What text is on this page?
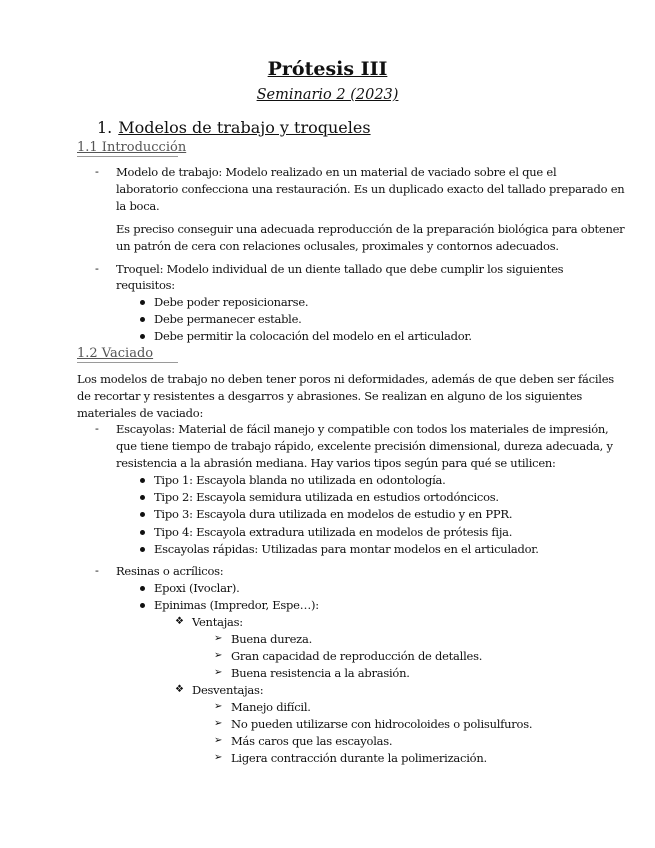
Prótesis III
Seminario 2 (2023)
1. Modelos de trabajo y troqueles
1.1 Introducción
- Modelo de trabajo: Modelo realizado en un material de vaciado sobre el que el
laboratorio confecciona una restauración. Es un duplicado exacto del tallado preparado en
la boca.
Es preciso conseguir una adecuada reproducción de la preparación biológica para obtener
un patrón de cera con relaciones oclusales, proximales y contornos adecuados.
- Troquel: Modelo individual de un diente tallado que debe cumplir los siguientes
requisitos:
Debe poder reposicionarse.
Debe permanecer estable.
Debe permitir la colocación del modelo en el articulador.
1.2 Vaciado
Los modelos de trabajo no deben tener poros ni deformidades, además de que deben ser fáciles
de recortar y resistentes a desgarros y abrasiones. Se realizan en alguno de los siguientes
materiales de vaciado:
- Escayolas: Material de fácil manejo y compatible con todos los materiales de impresión,
que tiene tiempo de trabajo rápido, excelente precisión dimensional, dureza adecuada, y
resistencia a la abrasión mediana. Hay varios tipos según para qué se utilicen:
Tipo 1: Escayola blanda no utilizada en odontología.
Tipo 2: Escayola semidura utilizada en estudios ortodóncicos.
Tipo 3: Escayola dura utilizada en modelos de estudio y en PPR.
Tipo 4: Escayola extradura utilizada en modelos de prótesis fija.
Escayolas rápidas: Utilizadas para montar modelos en el articulador.
- Resinas o acrílicos:
Epoxi (Ivoclar).
Epinimas (Impredor, Espe…):
❖ Ventajas:
➢ Buena dureza.
➢ Gran capacidad de reproducción de detalles.
➢ Buena resistencia a la abrasión.
❖ Desventajas:
➢ Manejo difícil.
➢ No pueden utilizarse con hidrocoloides o polisulfuros.
➢ Más caros que las escayolas.
➢ Ligera contracción durante la polimerización.
